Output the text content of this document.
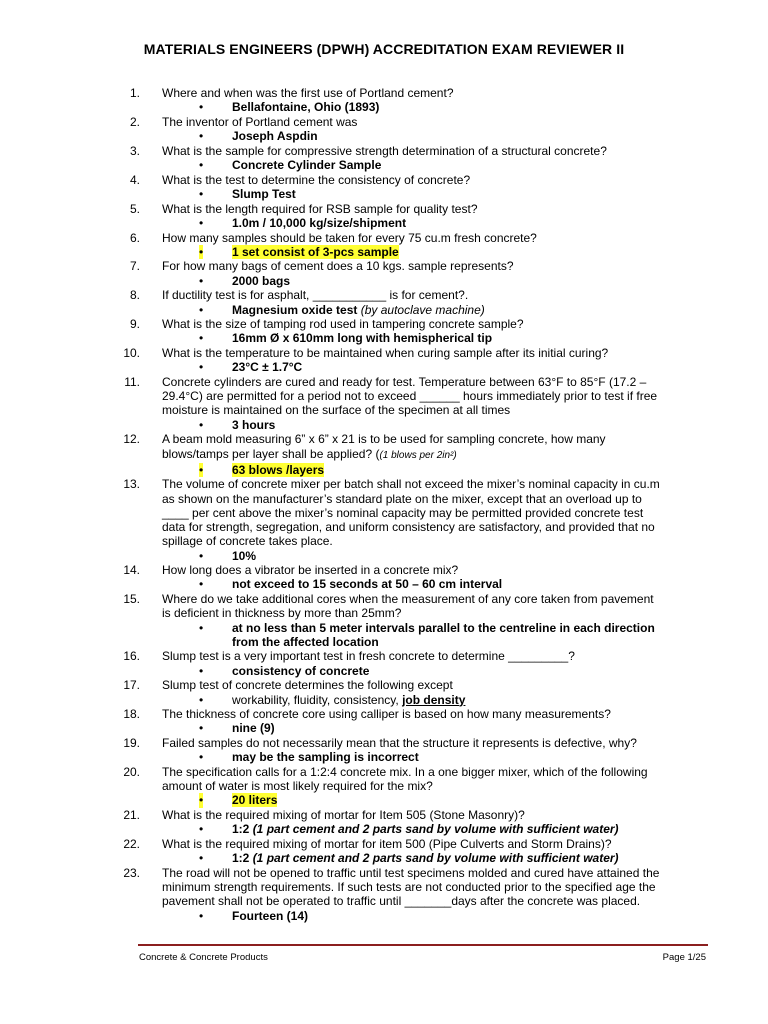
MATERIALS ENGINEERS (DPWH) ACCREDITATION EXAM REVIEWER II
1. Where and when was the first use of Portland cement?
• Bellafontaine, Ohio (1893)
2. The inventor of Portland cement was
• Joseph Aspdin
3. What is the sample for compressive strength determination of a structural concrete?
• Concrete Cylinder Sample
4. What is the test to determine the consistency of concrete?
• Slump Test
5. What is the length required for RSB sample for quality test?
• 1.0m / 10,000 kg/size/shipment
6. How many samples should be taken for every 75 cu.m fresh concrete?
• 1 set consist of 3-pcs sample
7. For how many bags of cement does a 10 kgs. sample represents?
• 2000 bags
8. If ductility test is for asphalt, ___________ is for cement?.
• Magnesium oxide test (by autoclave machine)
9. What is the size of tamping rod used in tampering concrete sample?
• 16mm Ø x 610mm long with hemispherical tip
10. What is the temperature to be maintained when curing sample after its initial curing?
• 23°C ± 1.7°C
11. Concrete cylinders are cured and ready for test. Temperature between 63°F to 85°F (17.2 –
29.4°C) are permitted for a period not to exceed ______ hours immediately prior to test if free
moisture is maintained on the surface of the specimen at all times
• 3 hours
12. A beam mold measuring 6” x 6” x 21 is to be used for sampling concrete, how many
blows/tamps per layer shall be applied? ((1 blows per 2in²)
• 63 blows /layers
13. The volume of concrete mixer per batch shall not exceed the mixer’s nominal capacity in cu.m
as shown on the manufacturer’s standard plate on the mixer, except that an overload up to
____ per cent above the mixer’s nominal capacity may be permitted provided concrete test
data for strength, segregation, and uniform consistency are satisfactory, and provided that no
spillage of concrete takes place.
• 10%
14. How long does a vibrator be inserted in a concrete mix?
• not exceed to 15 seconds at 50 – 60 cm interval
15. Where do we take additional cores when the measurement of any core taken from pavement
is deficient in thickness by more than 25mm?
• at no less than 5 meter intervals parallel to the centreline in each direction
from the affected location
16. Slump test is a very important test in fresh concrete to determine _________?
• consistency of concrete
17. Slump test of concrete determines the following except
• workability, fluidity, consistency, job density
18. The thickness of concrete core using calliper is based on how many measurements?
• nine (9)
19. Failed samples do not necessarily mean that the structure it represents is defective, why?
• may be the sampling is incorrect
20. The specification calls for a 1:2:4 concrete mix. In a one bigger mixer, which of the following
amount of water is most likely required for the mix?
• 20 liters
21. What is the required mixing of mortar for Item 505 (Stone Masonry)?
• 1:2 (1 part cement and 2 parts sand by volume with sufficient water)
22. What is the required mixing of mortar for item 500 (Pipe Culverts and Storm Drains)?
• 1:2 (1 part cement and 2 parts sand by volume with sufficient water)
23. The road will not be opened to traffic until test specimens molded and cured have attained the
minimum strength requirements. If such tests are not conducted prior to the specified age the
pavement shall not be operated to traffic until _______days after the concrete was placed.
• Fourteen (14)
Concrete & Concrete Products	Page 1/25
